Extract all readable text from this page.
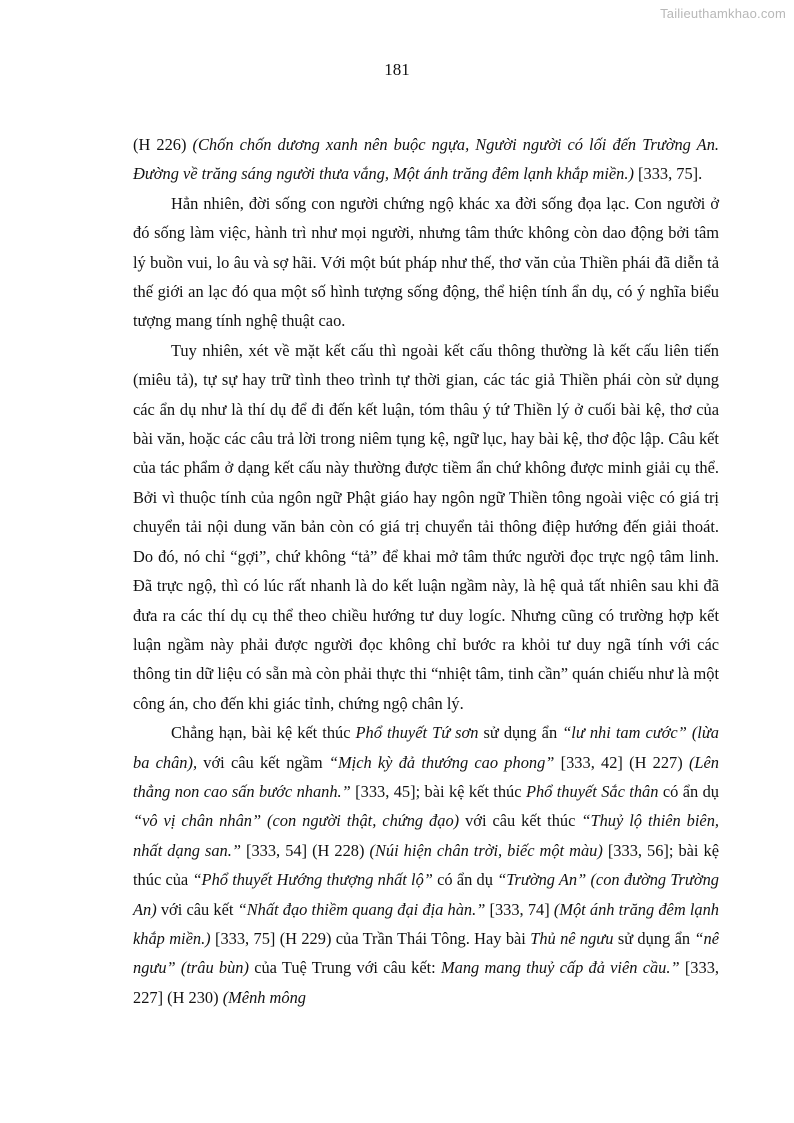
Tailieuthamkhao.com
181

(H 226) (Chốn chốn dương xanh nên buộc ngựa, Người người có lối đến Trường An. Đường về trăng sáng người thưa vắng, Một ánh trăng đêm lạnh khắp miền.) [333, 75].

Hẳn nhiên, đời sống con người chứng ngộ khác xa đời sống đọa lạc. Con người ở đó sống làm việc, hành trì như mọi người, nhưng tâm thức không còn dao động bởi tâm lý buồn vui, lo âu và sợ hãi. Với một bút pháp như thế, thơ văn của Thiền phái đã diễn tả thế giới an lạc đó qua một số hình tượng sống động, thể hiện tính ẩn dụ, có ý nghĩa biểu tượng mang tính nghệ thuật cao.

Tuy nhiên, xét về mặt kết cấu thì ngoài kết cấu thông thường là kết cấu liên tiến (miêu tả), tự sự hay trữ tình theo trình tự thời gian, các tác giả Thiền phái còn sử dụng các ẩn dụ như là thí dụ để đi đến kết luận, tóm thâu ý tứ Thiền lý ở cuối bài kệ, thơ của bài văn, hoặc các câu trả lời trong niêm tụng kệ, ngữ lục, hay bài kệ, thơ độc lập. Câu kết của tác phẩm ở dạng kết cấu này thường được tiềm ẩn chứ không được minh giải cụ thể. Bởi vì thuộc tính của ngôn ngữ Phật giáo hay ngôn ngữ Thiền tông ngoài việc có giá trị chuyển tải nội dung văn bản còn có giá trị chuyển tải thông điệp hướng đến giải thoát. Do đó, nó chỉ “gợi”, chứ không “tả” để khai mở tâm thức người đọc trực ngộ tâm linh. Đã trực ngộ, thì có lúc rất nhanh là do kết luận ngầm này, là hệ quả tất nhiên sau khi đã đưa ra các thí dụ cụ thể theo chiều hướng tư duy logíc. Nhưng cũng có trường hợp kết luận ngầm này phải được người đọc không chỉ bước ra khỏi tư duy ngã tính với các thông tin dữ liệu có sẵn mà còn phải thực thi “nhiệt tâm, tinh cần” quán chiếu như là một công án, cho đến khi giác tỉnh, chứng ngộ chân lý.

Chẳng hạn, bài kệ kết thúc Phổ thuyết Tứ sơn sử dụng ẩn “lư nhi tam cước” (lừa ba chân), với câu kết ngầm “Mịch kỳ đả thướng cao phong” [333, 42] (H 227) (Lên thẳng non cao sấn bước nhanh.” [333, 45]; bài kệ kết thúc Phổ thuyết Sắc thân có ẩn dụ “vô vị chân nhân” (con người thật, chứng đạo) với câu kết thúc “Thuỷ lộ thiên biên, nhất dạng san.” [333, 54] (H 228) (Núi hiện chân trời, biếc một màu) [333, 56]; bài kệ thúc của “Phổ thuyết Hướng thượng nhất lộ” có ẩn dụ “Trường An” (con đường Trường An) với câu kết “Nhất đạo thiềm quang đại địa hàn.” [333, 74] (Một ánh trăng đêm lạnh khắp miền.) [333, 75] (H 229) của Trần Thái Tông. Hay bài Thủ nê ngưu sử dụng ẩn “nê ngưu” (trâu bùn) của Tuệ Trung với câu kết: Mang mang thuỷ cấp đả viên cầu.” [333, 227] (H 230) (Mênh mông
